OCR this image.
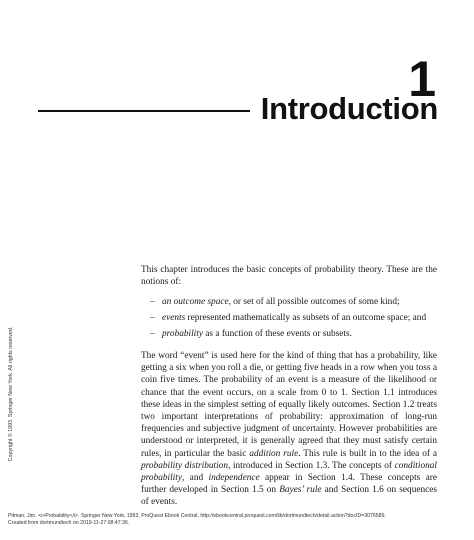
1
Introduction

This chapter introduces the basic concepts of probability theory. These are the notions of:

– an outcome space, or set of all possible outcomes of some kind;
– events represented mathematically as subsets of an outcome space; and
– probability as a function of these events or subsets.

The word “event” is used here for the kind of thing that has a probability, like getting a six when you roll a die, or getting five heads in a row when you toss a coin five times. The probability of an event is a measure of the likelihood or chance that the event occurs, on a scale from 0 to 1. Section 1.1 introduces these ideas in the simplest setting of equally likely outcomes. Section 1.2 treats two important interpretations of probability: approximation of long-run frequencies and subjective judgment of uncertainty. However probabilities are understood or interpreted, it is generally agreed that they must satisfy certain rules, in particular the basic addition rule. This rule is built in to the idea of a probability distribution, introduced in Section 1.3. The concepts of conditional probability, and independence appear in Section 1.4. These concepts are further developed in Section 1.5 on Bayes’ rule and Section 1.6 on sequences of events.

Copyright © 1993. Springer New York. All rights reserved.
Pitman, Jim. <i>Probability</i>. Springer New York, 1993. ProQuest Ebook Central, http://ebookcentral.proquest.com/lib/dortmundtech/detail.action?docID=3076589.
Created from dortmundtech on 2019-11-27 08:47:36.
